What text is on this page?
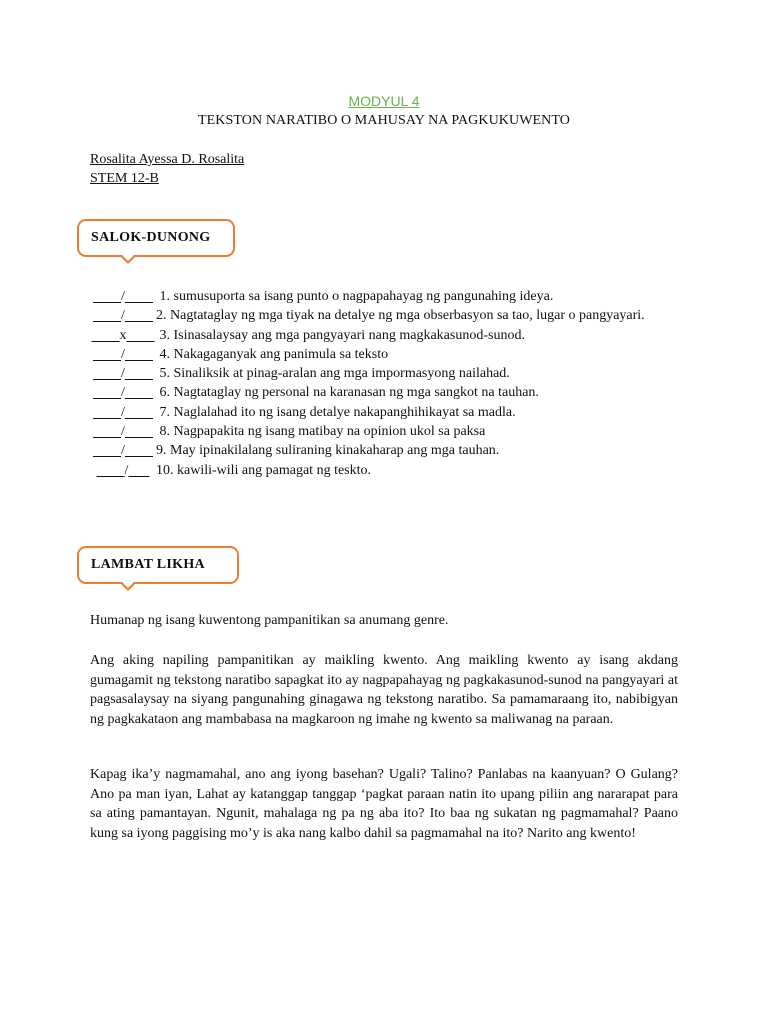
MODYUL 4
TEKSTON NARATIBO O MAHUSAY NA PAGKUKUWENTO
Rosalita Ayessa D. Rosalita
STEM 12-B
SALOK-DUNONG
/ 1. sumusuporta sa isang punto o nagpapahayag ng pangunahing ideya.
/ 2. Nagtataglay ng mga tiyak na detalye ng mga obserbasyon sa tao, lugar o pangyayari.
x 3. Isinasalaysay ang mga pangyayari nang magkakasunod-sunod.
/ 4. Nakagaganyak ang panimula sa teksto
/ 5. Sinaliksik at pinag-aralan ang mga impormasyong nailahad.
/ 6. Nagtataglay ng personal na karanasan ng mga sangkot na tauhan.
/ 7. Naglalahad ito ng isang detalye nakapanghihikayat sa madla.
/ 8. Nagpapakita ng isang matibay na opinion ukol sa paksa
/ 9. May ipinakilalang suliraning kinakaharap ang mga tauhan.
/ 10. kawili-wili ang pamagat ng teskto.
LAMBAT LIKHA
Humanap ng isang kuwentong pampanitikan sa anumang genre.
Ang aking napiling pampanitikan ay maikling kwento. Ang maikling kwento ay isang akdang gumagamit ng tekstong naratibo sapagkat ito ay nagpapahayag ng pagkakasunod-sunod na pangyayari at pagsasalaysay na siyang pangunahing ginagawa ng tekstong naratibo. Sa pamamaraang ito, nabibigyan ng pagkakataon ang mambabasa na magkaroon ng imahe ng kwento sa maliwanag na paraan.
Kapag ika’y nagmamahal, ano ang iyong basehan? Ugali? Talino? Panlabas na kaanyuan? O Gulang? Ano pa man iyan, Lahat ay katanggap tanggap ‘pagkat paraan natin ito upang piliin ang nararapat para sa ating pamantayan. Ngunit, mahalaga ng pa ng aba ito? Ito baa ng sukatan ng pagmamahal? Paano kung sa iyong paggising mo’y is aka nang kalbo dahil sa pagmamahal na ito? Narito ang kwento!
